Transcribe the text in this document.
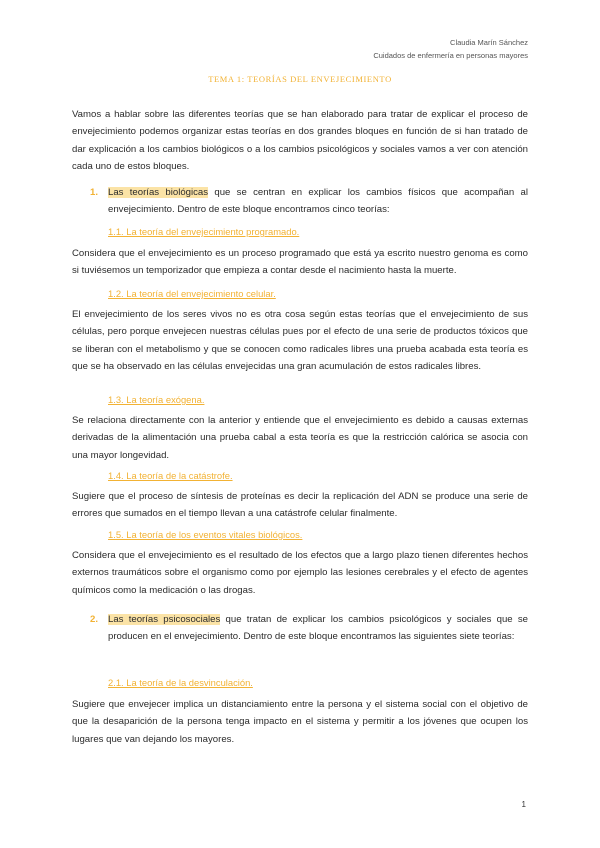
Claudia Marín Sánchez
Cuidados de enfermería en personas mayores
TEMA 1: TEORÍAS DEL ENVEJECIMIENTO
Vamos a hablar sobre las diferentes teorías que se han elaborado para tratar de explicar el proceso de envejecimiento podemos organizar estas teorías en dos grandes bloques en función de si han tratado de dar explicación a los cambios biológicos o a los cambios psicológicos y sociales vamos a ver con atención cada uno de estos bloques.
1. Las teorías biológicas que se centran en explicar los cambios físicos que acompañan al envejecimiento. Dentro de este bloque encontramos cinco teorías:
1.1. La teoría del envejecimiento programado.
Considera que el envejecimiento es un proceso programado que está ya escrito nuestro genoma es como si tuviésemos un temporizador que empieza a contar desde el nacimiento hasta la muerte.
1.2. La teoría del envejecimiento celular.
El envejecimiento de los seres vivos no es otra cosa según estas teorías que el envejecimiento de sus células, pero porque envejecen nuestras células pues por el efecto de una serie de productos tóxicos que se liberan con el metabolismo y que se conocen como radicales libres una prueba acabada esta teoría es que se ha observado en las células envejecidas una gran acumulación de estos radicales libres.
1.3. La teoría exógena.
Se relaciona directamente con la anterior y entiende que el envejecimiento es debido a causas externas derivadas de la alimentación una prueba cabal a esta teoría es que la restricción calórica se asocia con una mayor longevidad.
1.4. La teoría de la catástrofe.
Sugiere que el proceso de síntesis de proteínas es decir la replicación del ADN se produce una serie de errores que sumados en el tiempo llevan a una catástrofe celular finalmente.
1.5. La teoría de los eventos vitales biológicos.
Considera que el envejecimiento es el resultado de los efectos que a largo plazo tienen diferentes hechos externos traumáticos sobre el organismo como por ejemplo las lesiones cerebrales y el efecto de agentes químicos como la medicación o las drogas.
2. Las teorías psicosociales que tratan de explicar los cambios psicológicos y sociales que se producen en el envejecimiento. Dentro de este bloque encontramos las siguientes siete teorías:
2.1. La teoría de la desvinculación.
Sugiere que envejecer implica un distanciamiento entre la persona y el sistema social con el objetivo de que la desaparición de la persona tenga impacto en el sistema y permitir a los jóvenes que ocupen los lugares que van dejando los mayores.
1
